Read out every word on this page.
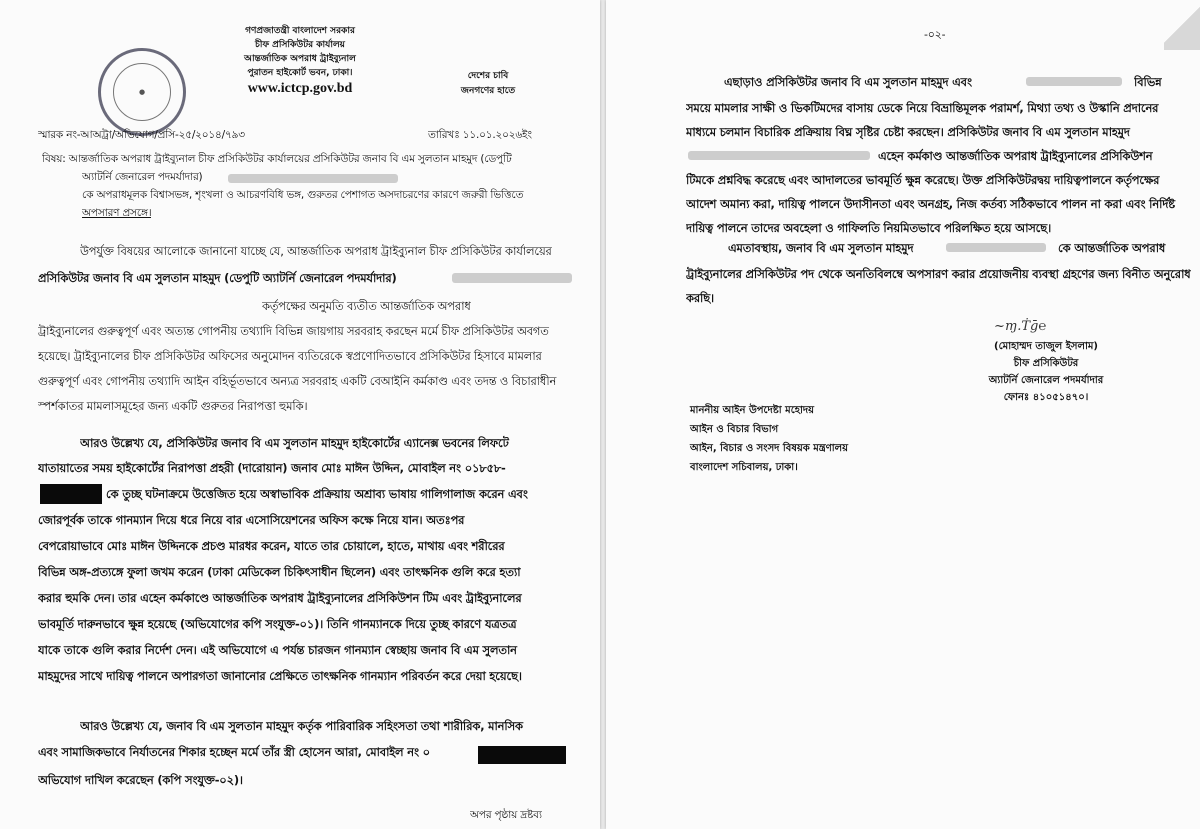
●
গণপ্রজাতন্ত্রী বাংলাদেশ সরকার
চীফ প্রসিকিউটর কার্যালয়
আন্তর্জাতিক অপরাধ ট্রাইব্যুনাল
পুরাতন হাইকোর্ট ভবন, ঢাকা।
www.ictcp.gov.bd
দেশের চাবি
জনগণের হাতে
স্মারক নং-আঅট্রা/অভিযোগ/প্রসি-২৫/২০১৪/৭৯৩	তারিখঃ ১১.০১.২০২৬ইং
বিষয়: আন্তর্জাতিক অপরাধ ট্রাইব্যুনাল চীফ প্রসিকিউটর কার্যালয়ের প্রসিকিউটর জনাব বি এম সুলতান মাহমুদ (ডেপুটি
অ্যাটর্নি জেনারেল পদমর্যাদার)
কে অপরাধমূলক বিশ্বাসভঙ্গ, শৃংখলা ও আচরণবিধি ভঙ্গ, গুরুতর পেশাগত অসদাচরণের কারণে জরুরী ভিত্তিতে
অপসারণ প্রসঙ্গে।
উপর্যুক্ত বিষয়ের আলোকে জানানো যাচ্ছে যে, আন্তর্জাতিক অপরাধ ট্রাইব্যুনাল চীফ প্রসিকিউটর কার্যালয়ের
প্রসিকিউটর জনাব বি এম সুলতান মাহমুদ (ডেপুটি অ্যাটর্নি জেনারেল পদমর্যাদার)
কর্তৃপক্ষের অনুমতি ব্যতীত আন্তর্জাতিক অপরাধ
ট্রাইব্যুনালের গুরুত্বপূর্ণ এবং অত্যন্ত গোপনীয় তথ্যাদি বিভিন্ন জায়গায় সরবরাহ করছেন মর্মে চীফ প্রসিকিউটর অবগত
হয়েছে। ট্রাইব্যুনালের চীফ প্রসিকিউটর অফিসের অনুমোদন ব্যতিরেকে স্বপ্রণোদিতভাবে প্রসিকিউটর হিসাবে মামলার
গুরুত্বপূর্ণ এবং গোপনীয় তথ্যাদি আইন বহির্ভূতভাবে অন্যত্র সরবরাহ একটি বেআইনি কর্মকাণ্ড এবং তদন্ত ও বিচারাধীন
স্পর্শকাতর মামলাসমূহের জন্য একটি গুরুতর নিরাপত্তা হুমকি।
আরও উল্লেখ্য যে, প্রসিকিউটর জনাব বি এম সুলতান মাহমুদ হাইকোর্টের এ্যানেক্স ভবনের লিফটে
যাতায়াতের সময় হাইকোর্টের নিরাপত্তা প্রহরী (দারোয়ান) জনাব মোঃ মাঈন উদ্দিন, মোবাইল নং ০১৮৫৮-
কে তুচ্ছ ঘটনাক্রমে উত্তেজিত হয়ে অস্বাভাবিক প্রক্রিয়ায় অশ্রাব্য ভাষায় গালিগালাজ করেন এবং
জোরপূর্বক তাকে গানম্যান দিয়ে ধরে নিয়ে বার এসোসিয়েশনের অফিস কক্ষে নিয়ে যান। অতঃপর
বেপরোয়াভাবে মোঃ মাঈন উদ্দিনকে প্রচণ্ড মারধর করেন, যাতে তার চোয়ালে, হাতে, মাথায় এবং শরীরের
বিভিন্ন অঙ্গ-প্রত্যঙ্গে ফুলা জখম করেন (ঢাকা মেডিকেল চিকিৎসাধীন ছিলেন) এবং তাৎক্ষনিক গুলি করে হত্যা
করার হুমকি দেন। তার এহেন কর্মকাণ্ডে আন্তর্জাতিক অপরাধ ট্রাইব্যুনালের প্রসিকিউশন টিম এবং ট্রাইব্যুনালের
ভাবমূর্তি দারুনভাবে ক্ষুন্ন হয়েছে (অভিযোগের কপি সংযুক্ত-০১)। তিনি গানম্যানকে দিয়ে তুচ্ছ কারণে যত্রতত্র
যাকে তাকে গুলি করার নির্দেশ দেন। এই অভিযোগে এ পর্যন্ত চারজন গানম্যান স্বেচ্ছায় জনাব বি এম সুলতান
মাহমুদের সাথে দায়িত্ব পালনে অপারগতা জানানোর প্রেক্ষিতে তাৎক্ষনিক গানম্যান পরিবর্তন করে দেয়া হয়েছে।
আরও উল্লেখ্য যে, জনাব বি এম সুলতান মাহমুদ কর্তৃক পারিবারিক সহিংসতা তথা শারীরিক, মানসিক
এবং সামাজিকভাবে নির্যাতনের শিকার হচ্ছেন মর্মে তাঁর স্ত্রী হোসেন আরা, মোবাইল নং ০
অভিযোগ দাখিল করেছেন (কপি সংযুক্ত-০২)।
অপর পৃষ্ঠায় দ্রষ্টব্য
-০২-
এছাড়াও প্রসিকিউটর জনাব বি এম সুলতান মাহমুদ এবং	বিভিন্ন
সময়ে মামলার সাক্ষী ও ভিকটিমদের বাসায় ডেকে নিয়ে বিভ্রান্তিমূলক পরামর্শ, মিথ্যা তথ্য ও উস্কানি প্রদানের
মাধ্যমে চলমান বিচারিক প্রক্রিয়ায় বিঘ্ন সৃষ্টির চেষ্টা করছেন। প্রসিকিউটর জনাব বি এম সুলতান মাহমুদ
এহেন কর্মকাণ্ড আন্তর্জাতিক অপরাধ ট্রাইব্যুনালের প্রসিকিউশন
টিমকে প্রশ্নবিদ্ধ করেছে এবং আদালতের ভাবমূর্তি ক্ষুন্ন করেছে। উক্ত প্রসিকিউটরদ্বয় দায়িত্বপালনে কর্তৃপক্ষের
আদেশ অমান্য করা, দায়িত্ব পালনে উদাসীনতা এবং অনগ্রহ, নিজ কর্তব্য সঠিকভাবে পালন না করা এবং নির্দিষ্ট
দায়িত্ব পালনে তাদের অবহেলা ও গাফিলতি নিয়মিতভাবে পরিলক্ষিত হয়ে আসছে।
এমতাবস্থায়, জনাব বি এম সুলতান মাহমুদ	কে আন্তর্জাতিক অপরাধ
ট্রাইব্যুনালের প্রসিকিউটর পদ থেকে অনতিবিলম্বে অপসারণ করার প্রয়োজনীয় ব্যবস্থা গ্রহণের জন্য বিনীত অনুরোধ
করছি।
~ɱ.Ṫḡ℮
(মোহাম্মদ তাজুল ইসলাম)
চীফ প্রসিকিউটর
অ্যাটর্নি জেনারেল পদমর্যাদার
ফোনঃ ৪১০৫১৪৭০।
মাননীয় আইন উপদেষ্টা মহোদয়
আইন ও বিচার বিভাগ
আইন, বিচার ও সংসদ বিষয়ক মন্ত্রণালয়
বাংলাদেশ সচিবালয়, ঢাকা।
